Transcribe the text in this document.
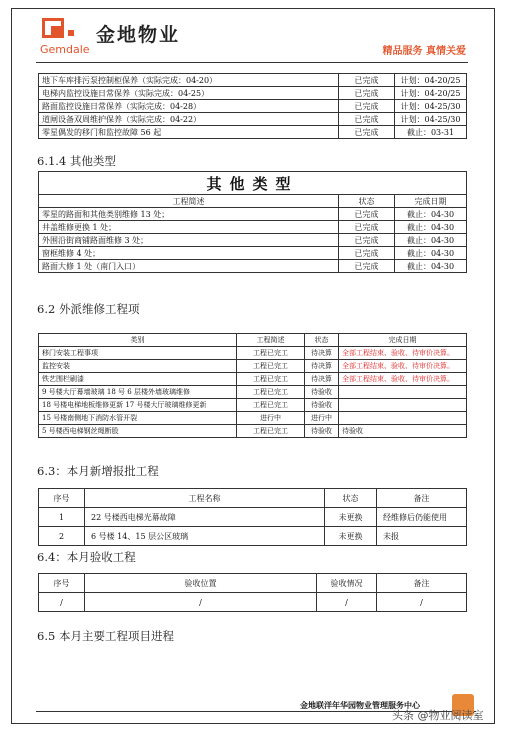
Gemdale
金地物业
精品服务 真情关爱
地下车库排污泵控制柜保养（实际完成：04-20）	已完成	计划：04-20/25
电梯内监控设施日常保养（实际完成：04-25）	已完成	计划：04-20/25
路面监控设施日常保养（实际完成：04-28）	已完成	计划：04-25/30
道闸设备双周维护保养（实际完成：04-22）	已完成	计划：04-25/30
零星偶发的移门和监控故障 56 起	已完成	截止：03-31
6.1.4 其他类型
其他类型		
工程简述	状态	完成日期
零星的路面和其他类别维修 13 处；	已完成	截止：04-30
井盖维修更换 1 处；	已完成	截止：04-30
外围沿街商铺路面维修 3 处；	已完成	截止：04-30
窗框维修 4 处；	已完成	截止：04-30
路面大修 1 处（南门入口）	已完成	截止：04-30
6.2 外派维修工程项
类别	工程简述	状态	完成日期
移门安装工程事项	工程已完工	待决算	全部工程结束、验收、待审价决算。
监控安装	工程已完工	待决算	全部工程结束、验收、待审价决算。
铁艺围栏刷漆	工程已完工	待决算	全部工程结束、验收、待审价决算。
9 号楼大厅幕墙玻璃 18 号 6 层楼外墙玻璃维修	工程已完工	待验收	
18 号楼电梯地板维修更新 17 号楼大厅玻璃维修更新	工程已完工	待验收	
15 号楼南侧地下消防水管开裂	进行中	进行中	
5 号楼西电梯钢丝绳断股	工程已完工	待验收	待验收
6.3：本月新增报批工程
序号	工程名称	状态	备注
1	22 号楼西电梯光幕故障	未更换	经维修后仍能使用
2	6 号楼 14、15 层公区玻璃	未更换	未报
6.4：本月验收工程
序号	验收位置	验收情况	备注
/	/	/	/
6.5 本月主要工程项目进程
金地联洋年华园物业管理服务中心
头条 @物业阅读室
